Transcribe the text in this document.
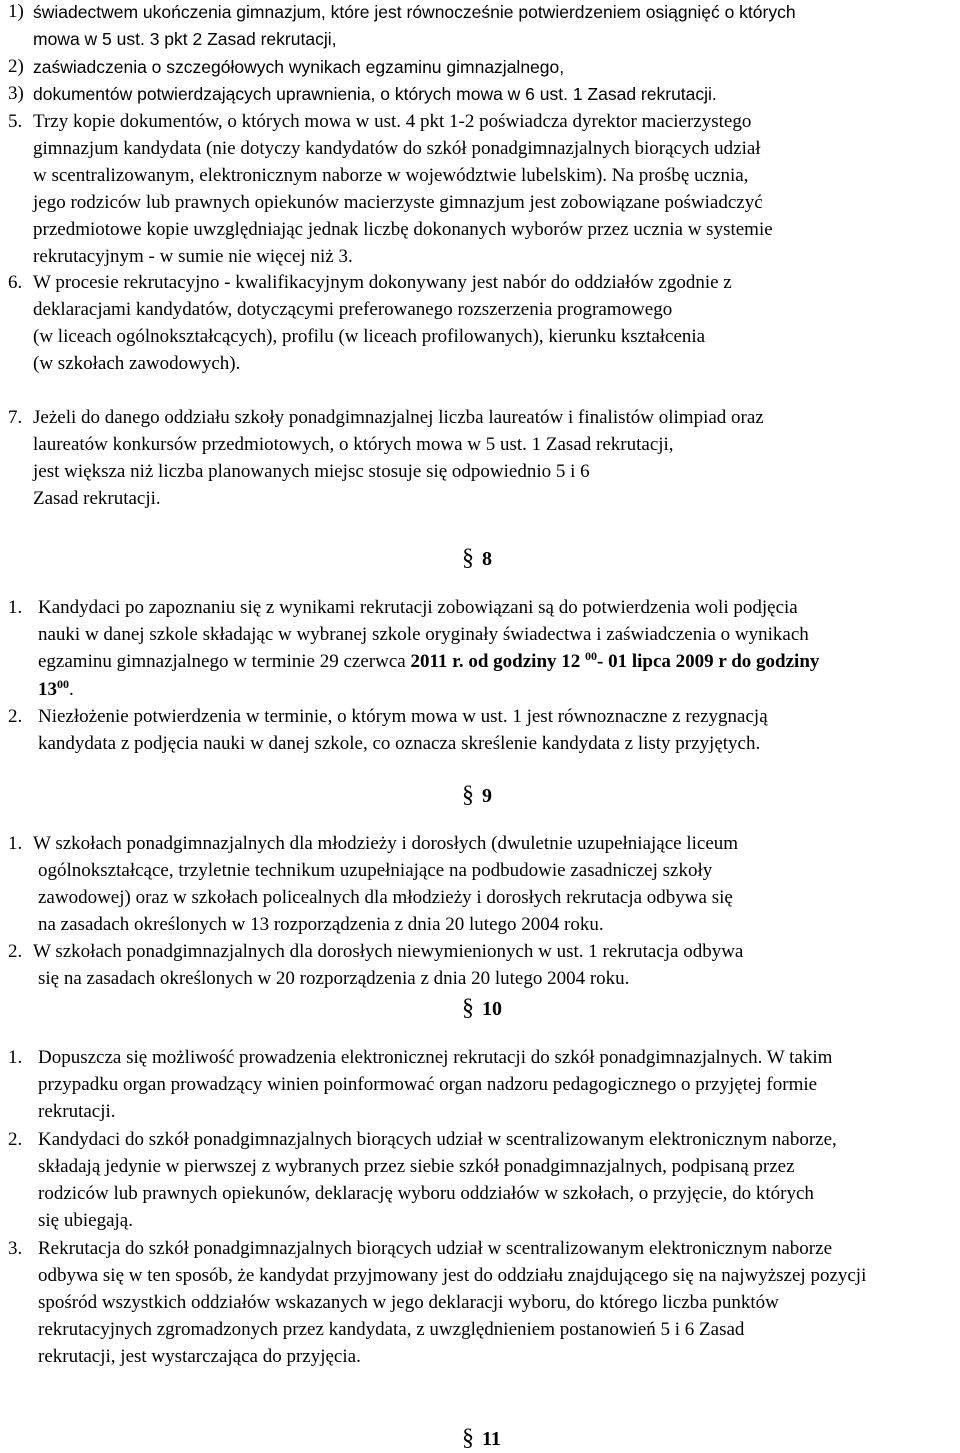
1) świadectwem ukończenia gimnazjum, które jest równocześnie potwierdzeniem osiągnięć o których
mowa w 5 ust. 3 pkt 2 Zasad rekrutacji,
2) zaświadczenia o szczegółowych wynikach egzaminu gimnazjalnego,
3) dokumentów potwierdzających uprawnienia, o których mowa w 6 ust. 1 Zasad rekrutacji.
5. Trzy kopie dokumentów, o których mowa w ust. 4 pkt 1-2 poświadcza dyrektor macierzystego
gimnazjum kandydata (nie dotyczy kandydatów do szkół ponadgimnazjalnych biorących udział
w scentralizowanym, elektronicznym naborze w województwie lubelskim). Na prośbę ucznia,
jego rodziców lub prawnych opiekunów macierzyste gimnazjum jest zobowiązane poświadczyć
przedmiotowe kopie uwzględniając jednak liczbę dokonanych wyborów przez ucznia w systemie
rekrutacyjnym - w sumie nie więcej niż 3.
6. W procesie rekrutacyjno - kwalifikacyjnym dokonywany jest nabór do oddziałów zgodnie z
deklaracjami kandydatów, dotyczącymi preferowanego rozszerzenia programowego
(w liceach ogólnokształcących), profilu (w liceach profilowanych), kierunku kształcenia
(w szkołach zawodowych).
7. Jeżeli do danego oddziału szkoły ponadgimnazjalnej liczba laureatów i finalistów olimpiad oraz
laureatów konkursów przedmiotowych, o których mowa w 5 ust. 1 Zasad rekrutacji,
jest większa niż liczba planowanych miejsc stosuje się odpowiednio 5 i 6
Zasad rekrutacji.
§ 8
1. Kandydaci po zapoznaniu się z wynikami rekrutacji zobowiązani są do potwierdzenia woli podjęcia
nauki w danej szkole składając w wybranej szkole oryginały świadectwa i zaświadczenia o wynikach
egzaminu gimnazjalnego w terminie 29 czerwca 2011 r. od godziny 12 $^{00}$- 01 lipca 2009 r do godziny
$13^{00}$.
2. Niezłożenie potwierdzenia w terminie, o którym mowa w ust. 1 jest równoznaczne z rezygnacją
kandydata z podjęcia nauki w danej szkole, co oznacza skreślenie kandydata z listy przyjętych.
§ 9
1. W szkołach ponadgimnazjalnych dla młodzieży i dorosłych (dwuletnie uzupełniające liceum
ogólnokształcące, trzyletnie technikum uzupełniające na podbudowie zasadniczej szkoły
zawodowej) oraz w szkołach policealnych dla młodzieży i dorosłych rekrutacja odbywa się
na zasadach określonych w 13 rozporządzenia z dnia 20 lutego 2004 roku.
2. W szkołach ponadgimnazjalnych dla dorosłych niewymienionych w ust. 1 rekrutacja odbywa
się na zasadach określonych w 20 rozporządzenia z dnia 20 lutego 2004 roku.
§ 10
1. Dopuszcza się możliwość prowadzenia elektronicznej rekrutacji do szkół ponadgimnazjalnych. W takim
przypadku organ prowadzący winien poinformować organ nadzoru pedagogicznego o przyjętej formie
rekrutacji.
2. Kandydaci do szkół ponadgimnazjalnych biorących udział w scentralizowanym elektronicznym naborze,
składają jedynie w pierwszej z wybranych przez siebie szkół ponadgimnazjalnych, podpisaną przez
rodziców lub prawnych opiekunów, deklarację wyboru oddziałów w szkołach, o przyjęcie, do których
się ubiegają.
3. Rekrutacja do szkół ponadgimnazjalnych biorących udział w scentralizowanym elektronicznym naborze
odbywa się w ten sposób, że kandydat przyjmowany jest do oddziału znajdującego się na najwyższej pozycji
spośród wszystkich oddziałów wskazanych w jego deklaracji wyboru, do którego liczba punktów
rekrutacyjnych zgromadzonych przez kandydata, z uwzględnieniem postanowień 5 i 6 Zasad
rekrutacji, jest wystarczająca do przyjęcia.
§ 11
